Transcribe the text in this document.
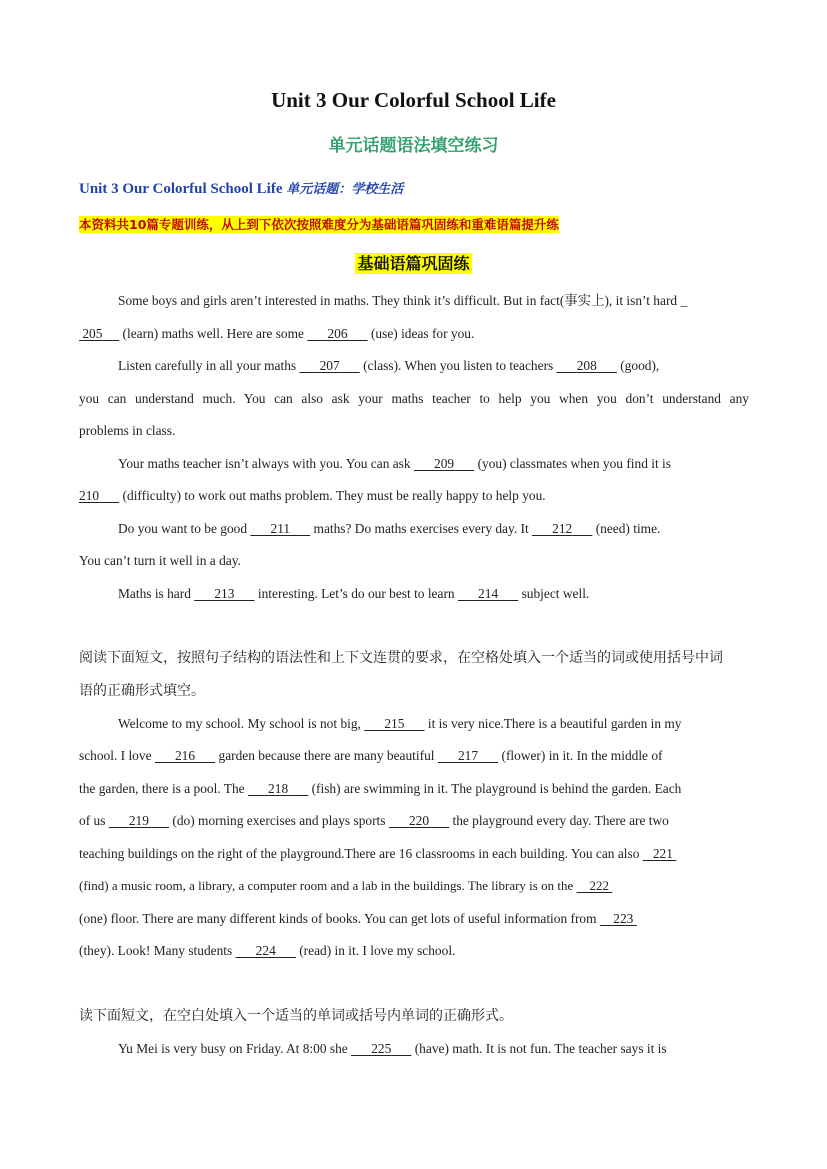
Unit 3 Our Colorful School Life
单元话题语法填空练习
Unit 3 Our Colorful School Life 单元话题：学校生活
本资料共10篇专题训练，从上到下依次按照难度分为基础语篇巩固练和重难语篇提升练
基础语篇巩固练
Some boys and girls aren’t interested in maths. They think it’s difficult. But in fact(事实上), it isn’t hard _
205      (learn) maths well. Here are some       206       (use) ideas for you.
Listen carefully in all your maths       207       (class). When you listen to teachers       208       (good),
you can understand much. You can also ask your maths teacher to help you when you don’t understand any
problems in class.
Your maths teacher isn’t always with you. You can ask       209       (you) classmates when you find it is
210       (difficulty) to work out maths problem. They must be really happy to help you.
Do you want to be good       211       maths? Do maths exercises every day. It       212       (need) time.
You can’t turn it well in a day.
Maths is hard       213       interesting. Let’s do our best to learn       214       subject well.
阅读下面短文，按照句子结构的语法性和上下文连贯的要求，在空格处填入一个适当的词或使用括号中词
语的正确形式填空。
Welcome to my school. My school is not big,       215       it is very nice.There is a beautiful garden in my
school. I love       216       garden because there are many beautiful       217       (flower) in it. In the middle of
the garden, there is a pool. The       218       (fish) are swimming in it. The playground is behind the garden. Each
of us       219       (do) morning exercises and plays sports       220       the playground every day. There are two
teaching buildings on the right of the playground.There are 16 classrooms in each building. You can also    221
(find) a music room, a library, a computer room and a lab in the buildings. The library is on the     222
(one) floor. There are many different kinds of books. You can get lots of useful information from     223
(they). Look! Many students       224       (read) in it. I love my school.
读下面短文，在空白处填入一个适当的单词或括号内单词的正确形式。
Yu Mei is very busy on Friday. At 8:00 she       225       (have) math. It is not fun. The teacher says it is
